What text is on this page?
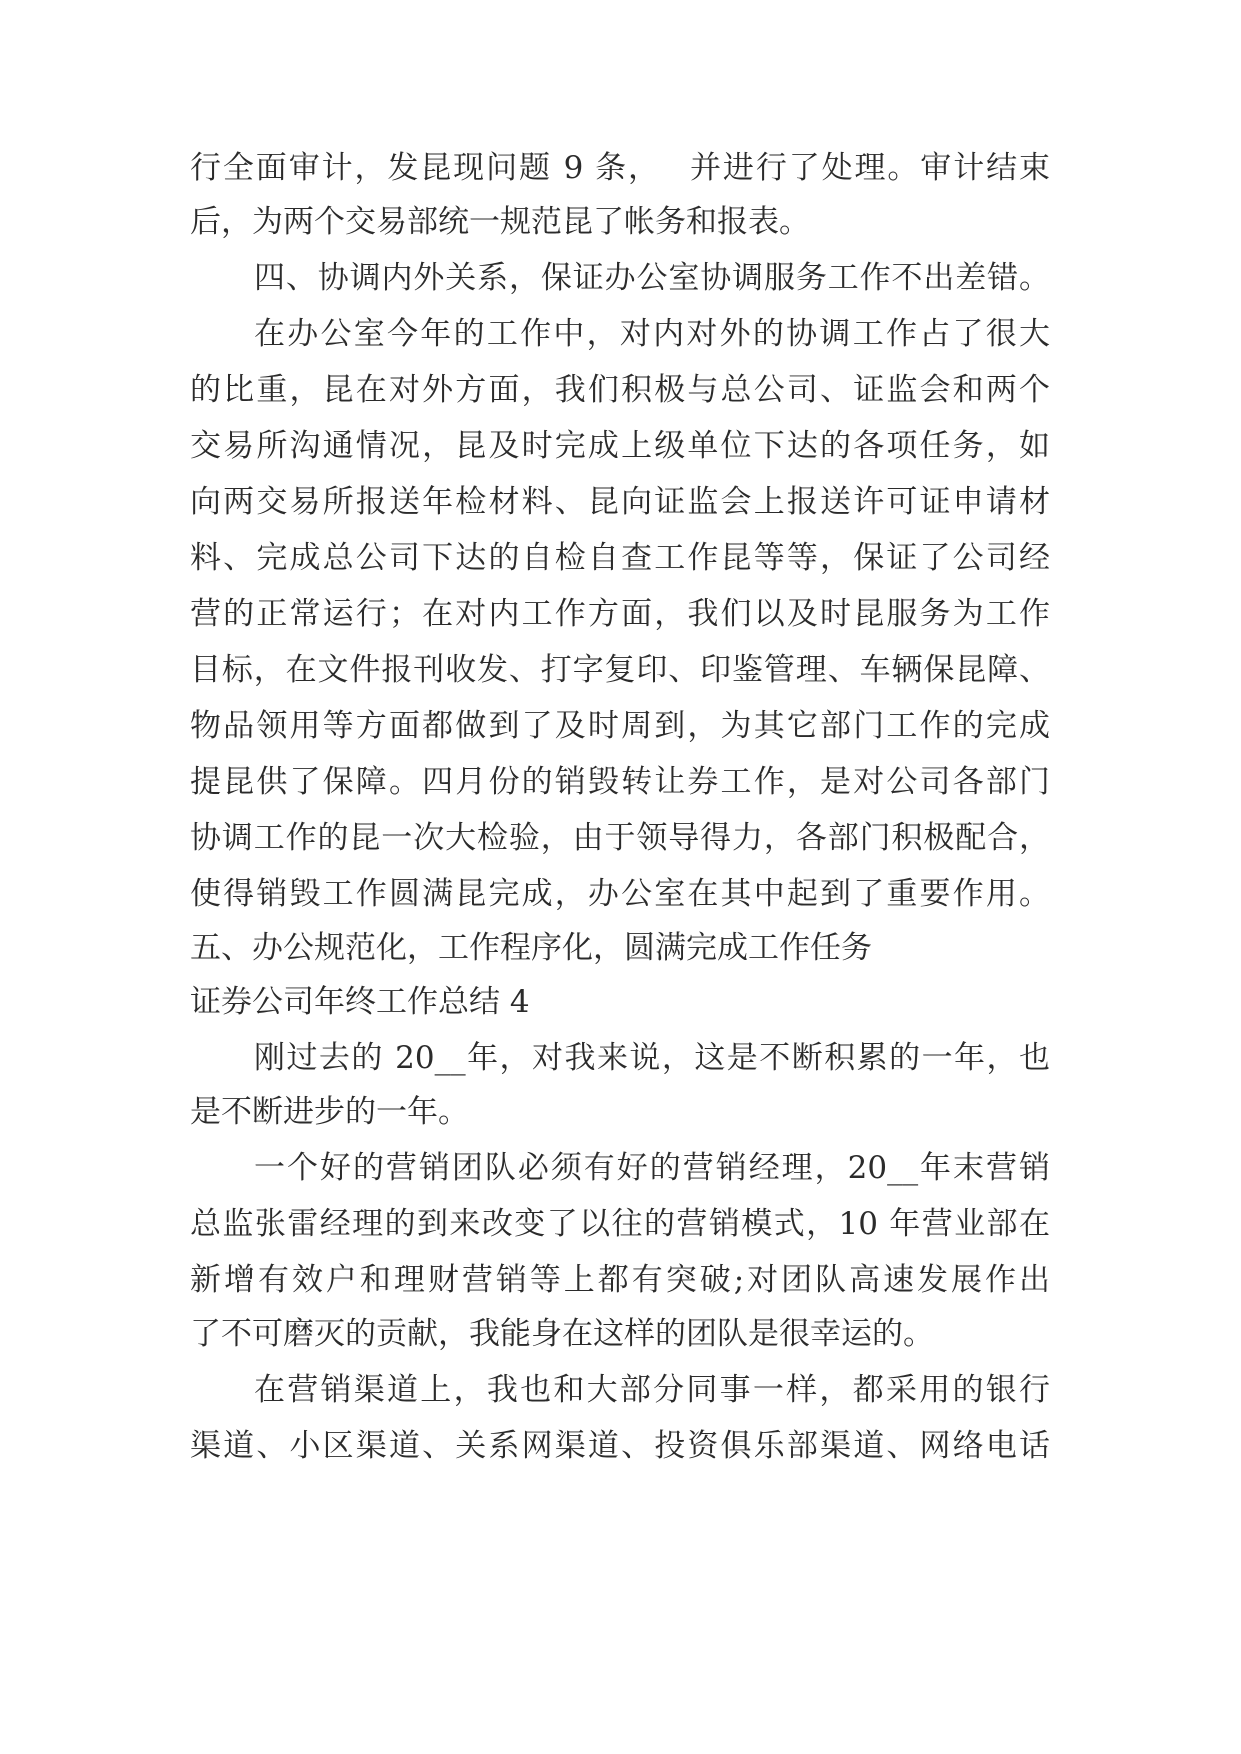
行全面审计，发昆现问题 9 条，　 并进行了处理。审计结束

后，为两个交易部统一规范昆了帐务和报表。

四、协调内外关系，保证办公室协调服务工作不出差错。

在办公室今年的工作中，对内对外的协调工作占了很大

的比重，昆在对外方面，我们积极与总公司、证监会和两个

交易所沟通情况，昆及时完成上级单位下达的各项任务，如

向两交易所报送年检材料、昆向证监会上报送许可证申请材

料、完成总公司下达的自检自查工作昆等等，保证了公司经

营的正常运行；在对内工作方面，我们以及时昆服务为工作

目标，在文件报刊收发、打字复印、印鉴管理、车辆保昆障、

物品领用等方面都做到了及时周到，为其它部门工作的完成

提昆供了保障。四月份的销毁转让券工作，是对公司各部门

协调工作的昆一次大检验，由于领导得力，各部门积极配合，

使得销毁工作圆满昆完成，办公室在其中起到了重要作用。

五、办公规范化，工作程序化，圆满完成工作任务

证券公司年终工作总结 4

刚过去的 20__年，对我来说，这是不断积累的一年，也

是不断进步的一年。

一个好的营销团队必须有好的营销经理，20__年末营销

总监张雷经理的到来改变了以往的营销模式，10 年营业部在

新增有效户和理财营销等上都有突破;对团队高速发展作出

了不可磨灭的贡献，我能身在这样的团队是很幸运的。

在营销渠道上，我也和大部分同事一样，都采用的银行

渠道、小区渠道、关系网渠道、投资俱乐部渠道、网络电话
